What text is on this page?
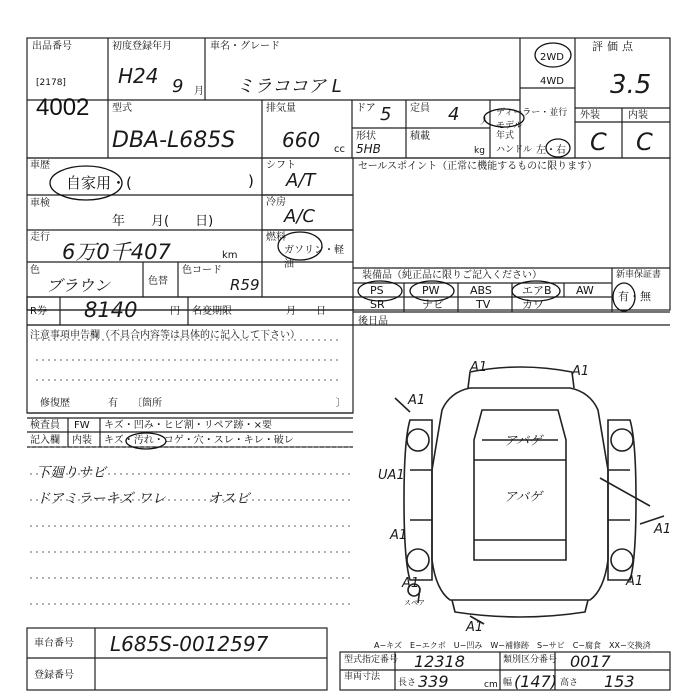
出品番号
[2178]
4002
初度登録年月
H24 9 月
車名・グレード
ミラココア L
2WD
4WD
評価点
3.5
外装	内装
C C
型式
DBA-L685S
排気量
660 cc
ドア 5 定員 4 人
ディーラー・並行
モデル
年式
形状
5HB
積載
kg ハンドル 左・右
車歴
自家用・(	)
車検
年　　月(　　日)
走行
6万0千407	km
色
ブラウン	色替
色コード
R59
シフト
A/T
冷房
A/C
燃料
ガソリン・軽油
R券 8140	円 名変期限	月　　日
セールスポイント（正常に機能するものに限ります）
装備品（純正品に限りご記入ください）	新車保証書
有・無
PS	PW	ABS	エアB AW
SR	ナビ	TV	カワ
後日品
注意事項申告欄（不具合内容等は具体的に記入して下さい）
修復歴	有 〔箇所	〕
検査員
記入欄
FW キズ・凹み・ヒビ割・リペア跡・×要
内装 キズ・汚れ・コゲ・穴・スレ・キレ・破レ
下廻りサビ
ドアミラーキズ ワレ　　　オスビ
A1	A1
A1
UA1
A1	A1
A1
A1
A1
アバゲ
アバゲ
スペア
A−キズ　E−エクボ　U−凹み　W−補修跡　S−サビ　C−腐食　XX−交換済
車台番号 L685S-0012597
登録番号
型式指定番号 12318	類別区分番号 0017
車両寸法
長さ 339	cm 幅 (147) 高さ 153
